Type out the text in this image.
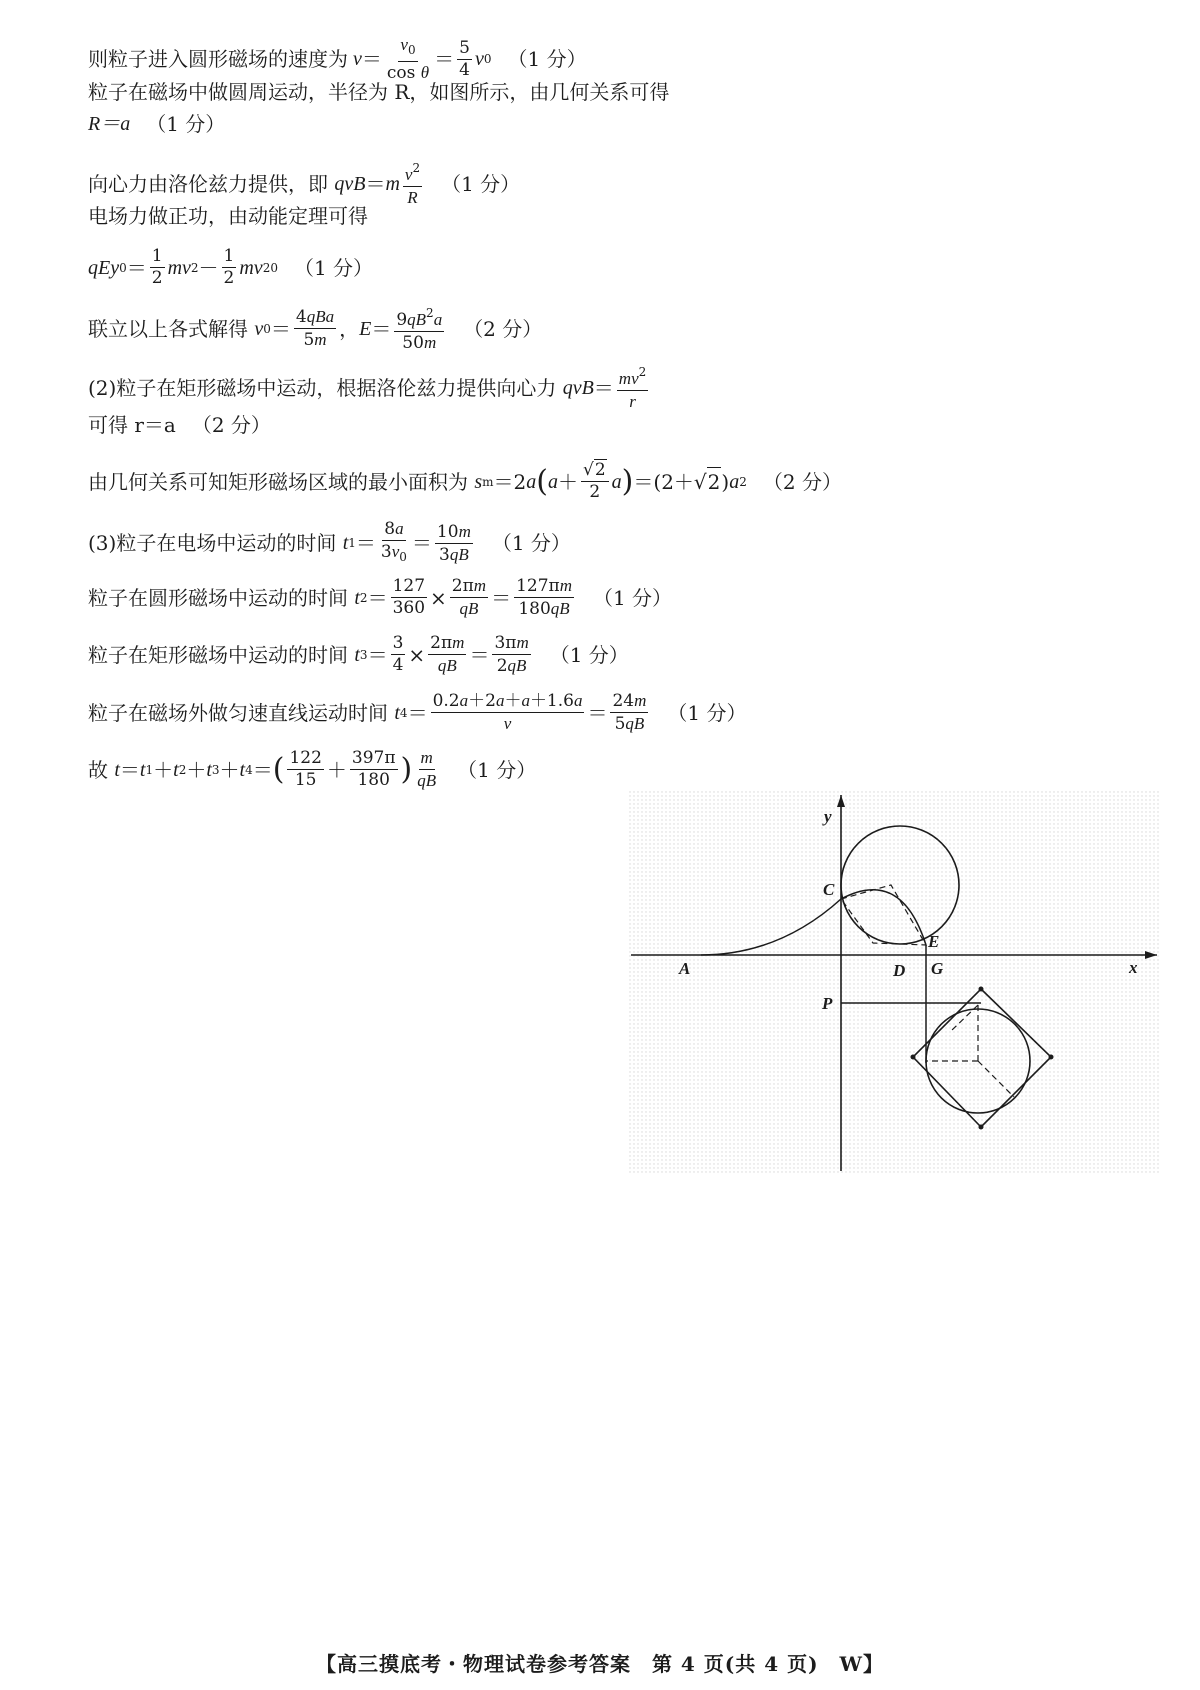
则粒子进入圆形磁场的速度为 $v = \frac{v_0}{\text{cos θ}} = \frac{5}{4}$ v 0 （1 分）
粒子在磁场中做圆周运动，半径为 R，如图所示，由几何关系可得
R＝a （1 分）
向心力由洛伦兹力提供，即
qvB ＝ m $\frac{v^2}{R} (1$ 分）
电场力做正功，由动能定理可得
qEy $0 = \frac{1}{2}$ mv $2 - \frac{1}{2}$ mv 2 0 （1 分）
联立以上各式解得
v $0 = \frac{\text{4qBa}}{5m}$ ， $E = \frac{9qB^2a}{50m} (2$ 分）
(2)粒子在矩形磁场中运动，根据洛伦兹力提供向心力
qvB ＝ $\frac{mv^2}{r}$
可得 r＝a （2 分）
由几何关系可知矩形磁场区域的最小面积为
s m ＝2 a ( $a + \frac{√2}{2}$ a ) ＝(2＋√ 2 ) a 2 （2 分）
(3)粒子在电场中运动的时间
t $1 = \frac{8a}{3v_0} = \frac{10m}{3qB} (1$ 分）
粒子在圆形磁场中运动的时间
t $2 = \frac{127}{360} \times \frac{2\pi m}{qB} = \frac{127\pi m}{180qB} (1$ 分）
粒子在矩形磁场中运动的时间
t $3 = \frac{3}{4} \times \frac{2\pi m}{qB} = \frac{3\pi m}{2qB} (1$ 分）
粒子在磁场外做匀速直线运动时间
t $4 = \frac{0.2a+2a+a+1.6a}{v} = \frac{24m}{5qB} (1$ 分）
故
t ＝ t 1 ＋ t 2 ＋ t 3 ＋ t 4 ＝ ( $\frac{122}{15} + \frac{397\pi}{180}$ ) $\frac{m}{qB} (1$ 分）
y
x
A
C
D
E
G
P
【高三摸底考・物理试卷参考答案　第 4 页(共 4 页)　W】
